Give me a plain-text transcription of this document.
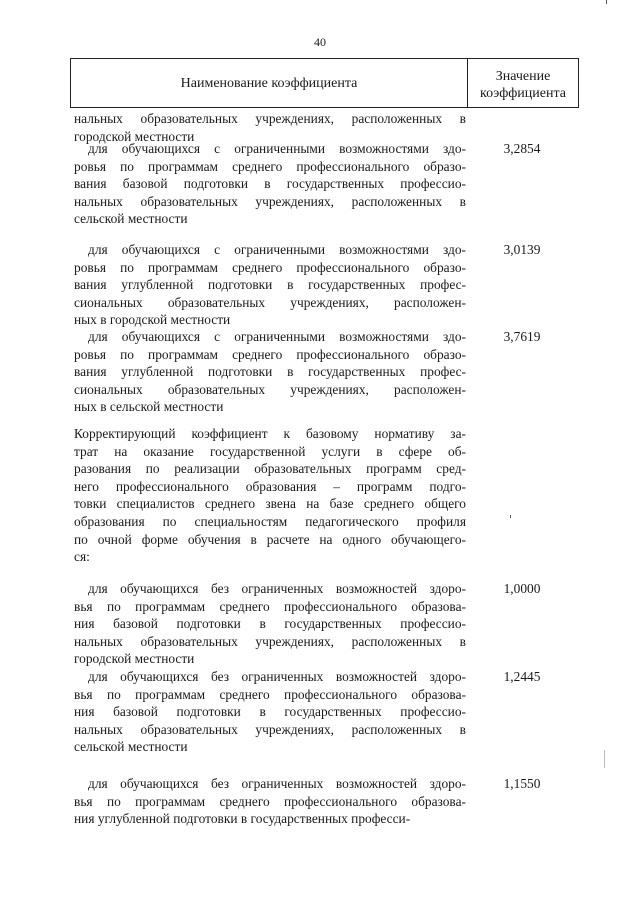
40
Наименование коэффициента	Значение
коэффициента
нальных образовательных учреждениях, расположенных в
городской местности
для обучающихся с ограниченными возможностями здо-
ровья по программам среднего профессионального образо-
вания базовой подготовки в государственных профессио-
нальных образовательных учреждениях, расположенных в
сельской местности
3,2854
для обучающихся с ограниченными возможностями здо-
ровья по программам среднего профессионального образо-
вания углубленной подготовки в государственных профес-
сиональных образовательных учреждениях, расположен-
ных в городской местности
3,0139
для обучающихся с ограниченными возможностями здо-
ровья по программам среднего профессионального образо-
вания углубленной подготовки в государственных профес-
сиональных образовательных учреждениях, расположен-
ных в сельской местности
3,7619
Корректирующий коэффициент к базовому нормативу за-
трат на оказание государственной услуги в сфере об-
разования по реализации образовательных программ сред-
него профессионального образования – программ подго-
товки специалистов среднего звена на базе среднего общего
образования по специальностям педагогического профиля
по очной форме обучения в расчете на одного обучающего-
ся:
для обучающихся без ограниченных возможностей здоро-
вья по программам среднего профессионального образова-
ния базовой подготовки в государственных профессио-
нальных образовательных учреждениях, расположенных в
городской местности
1,0000
для обучающихся без ограниченных возможностей здоро-
вья по программам среднего профессионального образова-
ния базовой подготовки в государственных профессио-
нальных образовательных учреждениях, расположенных в
сельской местности
1,2445
для обучающихся без ограниченных возможностей здоро-
вья по программам среднего профессионального образова-
ния углубленной подготовки в государственных професси-
1,1550
